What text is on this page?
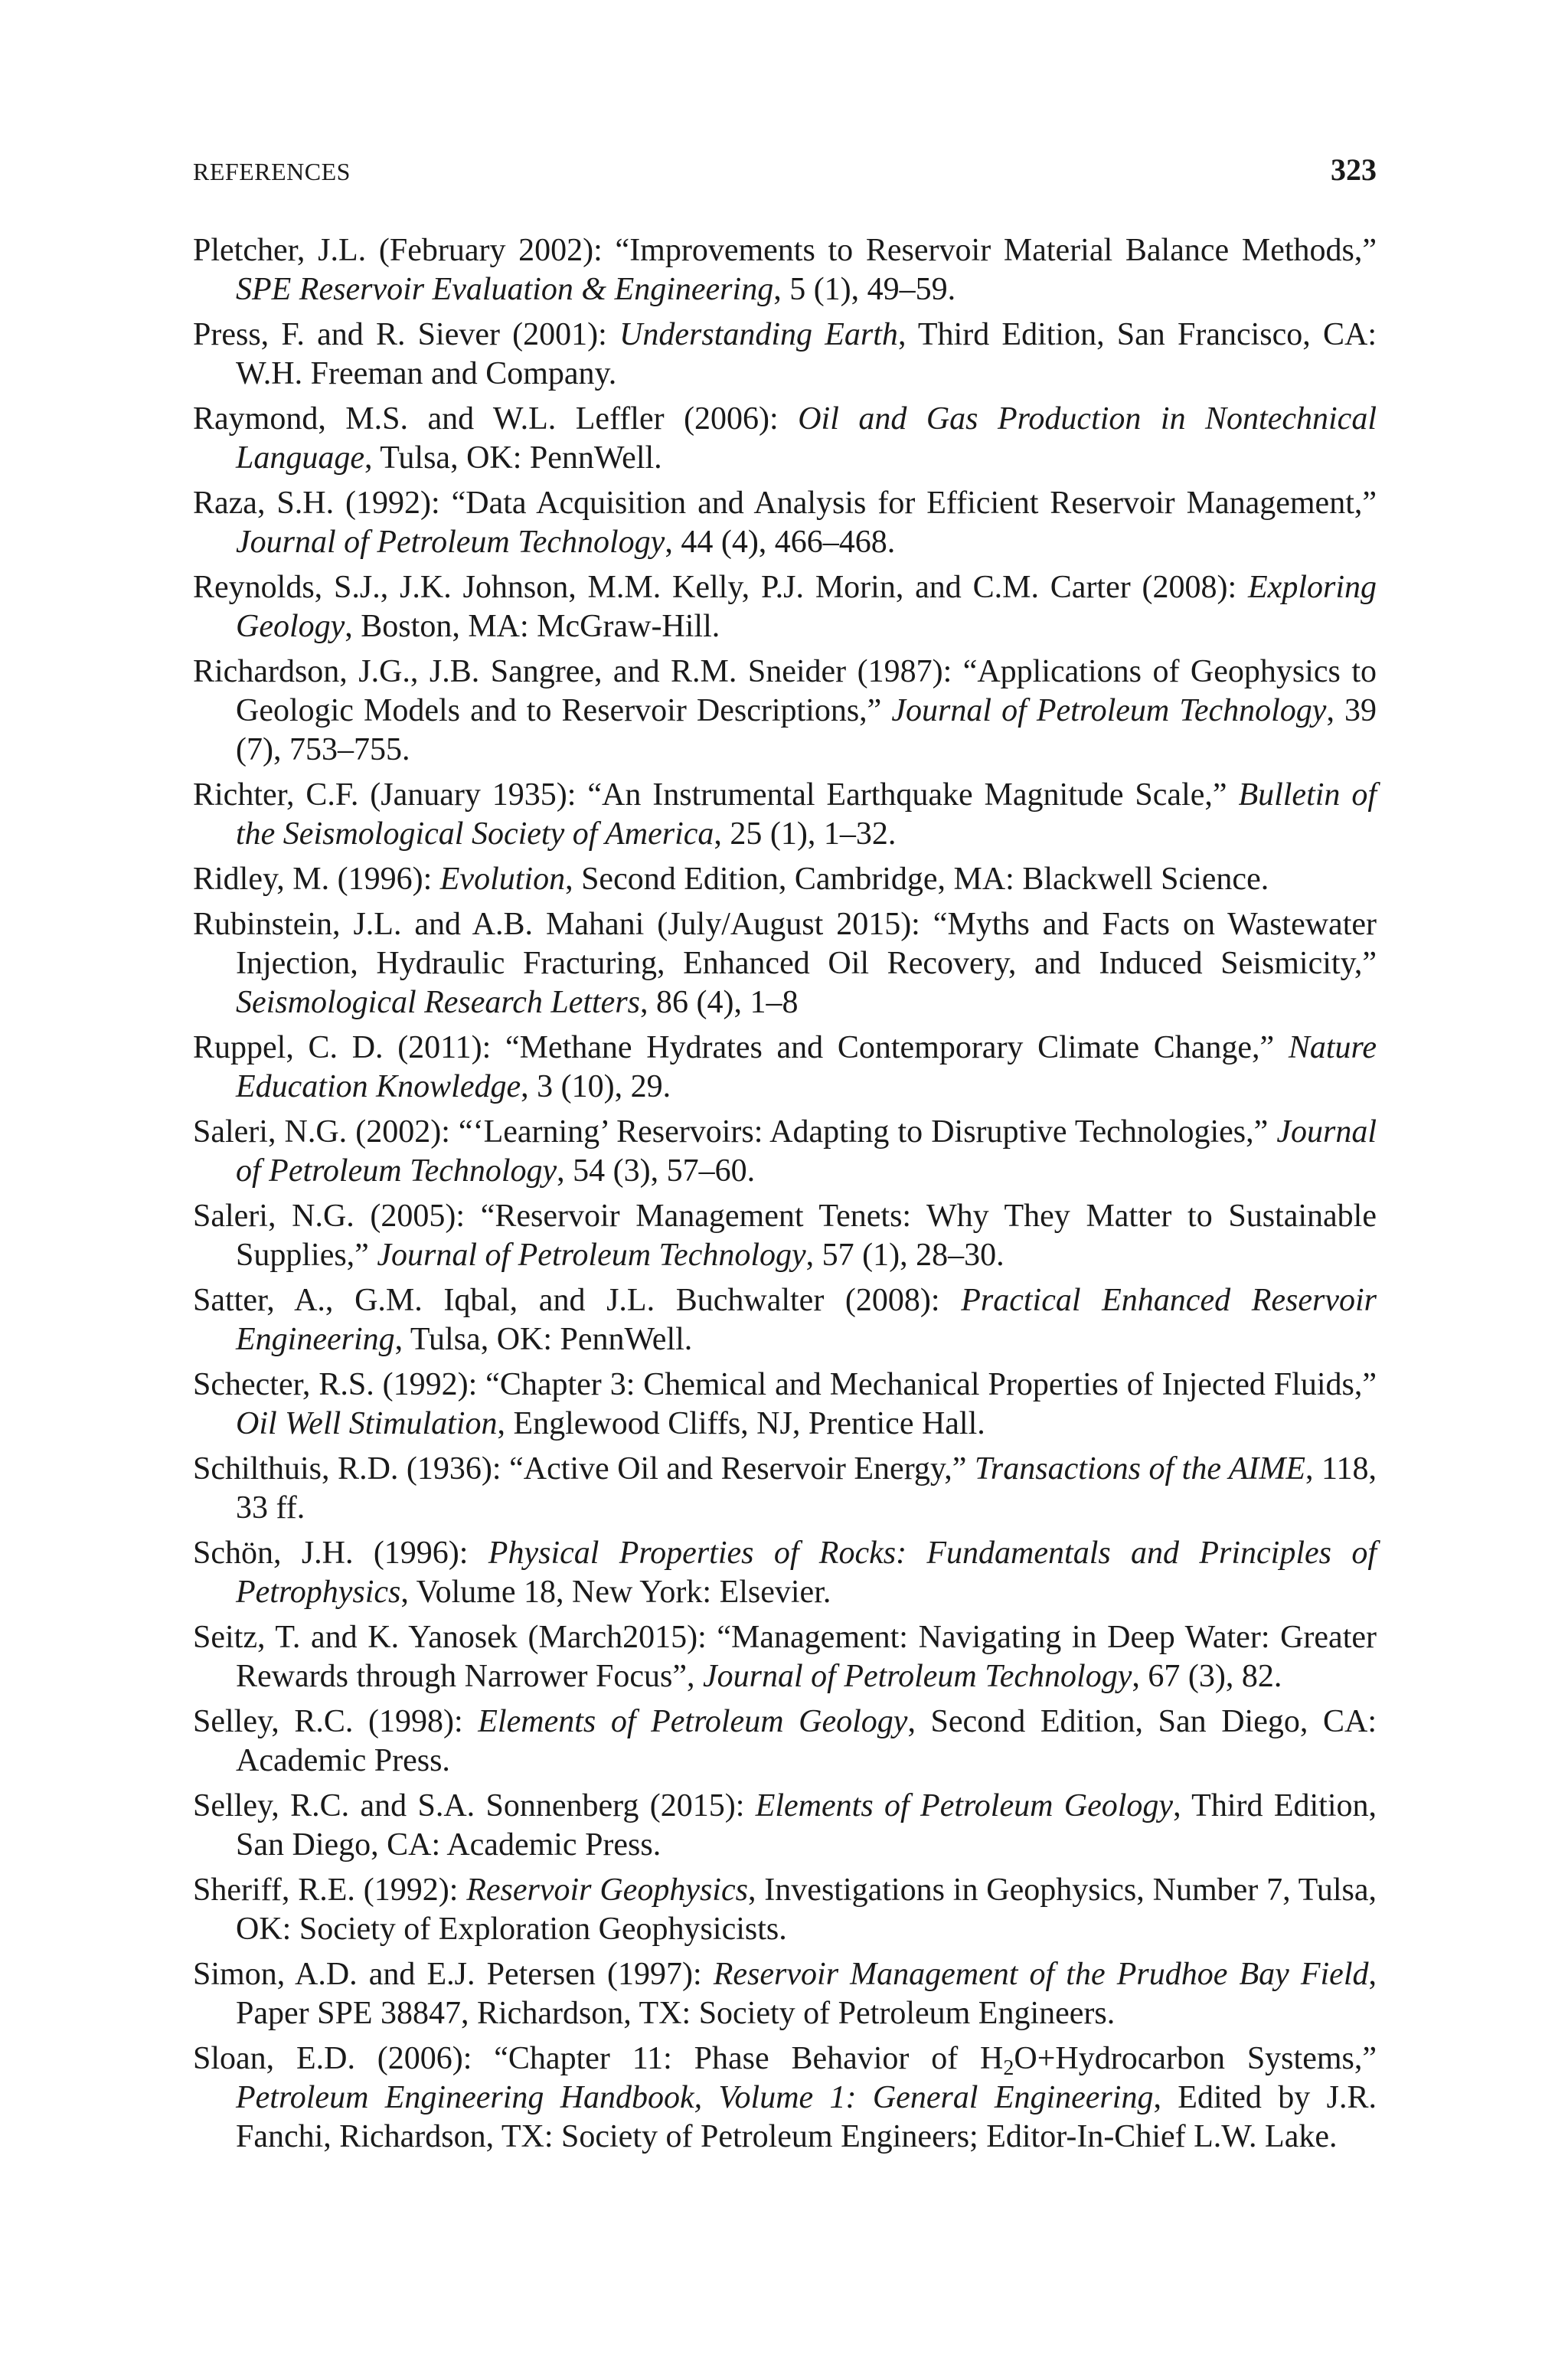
REFERENCES	323
Pletcher, J.L. (February 2002): “Improvements to Reservoir Material Balance Methods,” SPE Reservoir Evaluation & Engineering, 5 (1), 49–59.
Press, F. and R. Siever (2001): Understanding Earth, Third Edition, San Francisco, CA: W.H. Freeman and Company.
Raymond, M.S. and W.L. Leffler (2006): Oil and Gas Production in Nontechnical Language, Tulsa, OK: PennWell.
Raza, S.H. (1992): “Data Acquisition and Analysis for Efficient Reservoir Management,” Journal of Petroleum Technology, 44 (4), 466–468.
Reynolds, S.J., J.K. Johnson, M.M. Kelly, P.J. Morin, and C.M. Carter (2008): Exploring Geology, Boston, MA: McGraw-Hill.
Richardson, J.G., J.B. Sangree, and R.M. Sneider (1987): “Applications of Geophysics to Geologic Models and to Reservoir Descriptions,” Journal of Petroleum Technology, 39 (7), 753–755.
Richter, C.F. (January 1935): “An Instrumental Earthquake Magnitude Scale,” Bulletin of the Seismological Society of America, 25 (1), 1–32.
Ridley, M. (1996): Evolution, Second Edition, Cambridge, MA: Blackwell Science.
Rubinstein, J.L. and A.B. Mahani (July/August 2015): “Myths and Facts on Wastewater Injection, Hydraulic Fracturing, Enhanced Oil Recovery, and Induced Seismicity,” Seismological Research Letters, 86 (4), 1–8
Ruppel, C. D. (2011): “Methane Hydrates and Contemporary Climate Change,” Nature Education Knowledge, 3 (10), 29.
Saleri, N.G. (2002): “‘Learning’ Reservoirs: Adapting to Disruptive Technologies,” Journal of Petroleum Technology, 54 (3), 57–60.
Saleri, N.G. (2005): “Reservoir Management Tenets: Why They Matter to Sustainable Supplies,” Journal of Petroleum Technology, 57 (1), 28–30.
Satter, A., G.M. Iqbal, and J.L. Buchwalter (2008): Practical Enhanced Reservoir Engineering, Tulsa, OK: PennWell.
Schecter, R.S. (1992): “Chapter 3: Chemical and Mechanical Properties of Injected Fluids,” Oil Well Stimulation, Englewood Cliffs, NJ, Prentice Hall.
Schilthuis, R.D. (1936): “Active Oil and Reservoir Energy,” Transactions of the AIME, 118, 33 ff.
Schön, J.H. (1996): Physical Properties of Rocks: Fundamentals and Principles of Petrophysics, Volume 18, New York: Elsevier.
Seitz, T. and K. Yanosek (March2015): “Management: Navigating in Deep Water: Greater Rewards through Narrower Focus”, Journal of Petroleum Technology, 67 (3), 82.
Selley, R.C. (1998): Elements of Petroleum Geology, Second Edition, San Diego, CA: Academic Press.
Selley, R.C. and S.A. Sonnenberg (2015): Elements of Petroleum Geology, Third Edition, San Diego, CA: Academic Press.
Sheriff, R.E. (1992): Reservoir Geophysics, Investigations in Geophysics, Number 7, Tulsa, OK: Society of Exploration Geophysicists.
Simon, A.D. and E.J. Petersen (1997): Reservoir Management of the Prudhoe Bay Field, Paper SPE 38847, Richardson, TX: Society of Petroleum Engineers.
Sloan, E.D. (2006): “Chapter 11: Phase Behavior of $H_2O+Hydrocarbon$ Systems,” Petroleum Engineering Handbook, Volume 1: General Engineering, Edited by J.R. Fanchi, Richardson, TX: Society of Petroleum Engineers; Editor-In-Chief L.W. Lake.
